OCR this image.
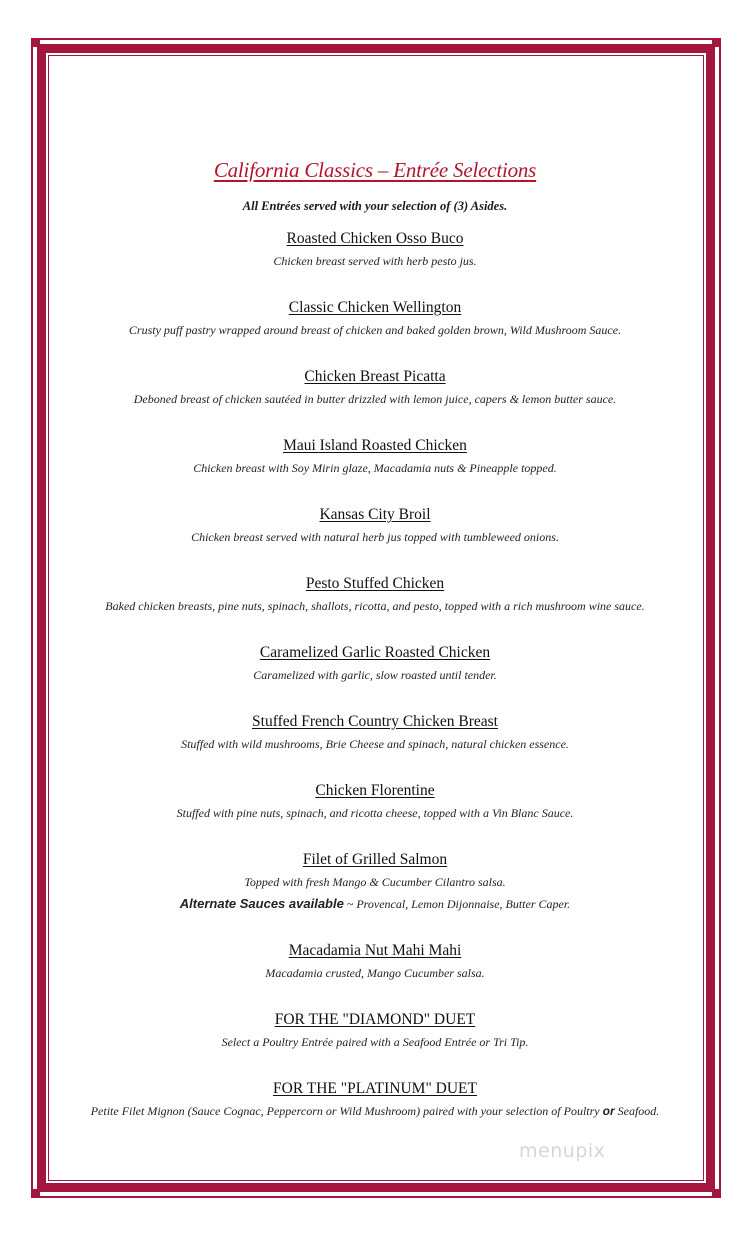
California Classics – Entrée Selections
All Entrées served with your selection of (3) Asides.
Roasted Chicken Osso Buco
Chicken breast served with herb pesto jus.
Classic Chicken Wellington
Crusty puff pastry wrapped around breast of chicken and baked golden brown, Wild Mushroom Sauce.
Chicken Breast Picatta
Deboned breast of chicken sautéed in butter drizzled with lemon juice, capers & lemon butter sauce.
Maui Island Roasted Chicken
Chicken breast with Soy Mirin glaze, Macadamia nuts & Pineapple topped.
Kansas City Broil
Chicken breast served with natural herb jus topped with tumbleweed onions.
Pesto Stuffed Chicken
Baked chicken breasts, pine nuts, spinach, shallots, ricotta, and pesto, topped with a rich mushroom wine sauce.
Caramelized Garlic Roasted Chicken
Caramelized with garlic, slow roasted until tender.
Stuffed French Country Chicken Breast
Stuffed with wild mushrooms, Brie Cheese and spinach, natural chicken essence.
Chicken Florentine
Stuffed with pine nuts, spinach, and ricotta cheese, topped with a Vin Blanc Sauce.
Filet of Grilled Salmon
Topped with fresh Mango & Cucumber Cilantro salsa.
Alternate Sauces available ~ Provencal, Lemon Dijonnaise, Butter Caper.
Macadamia Nut Mahi Mahi
Macadamia crusted, Mango Cucumber salsa.
FOR THE "DIAMOND" DUET
Select a Poultry Entrée paired with a Seafood Entrée or Tri Tip.
FOR THE "PLATINUM" DUET
Petite Filet Mignon (Sauce Cognac, Peppercorn or Wild Mushroom) paired with your selection of Poultry or Seafood.
menupix
